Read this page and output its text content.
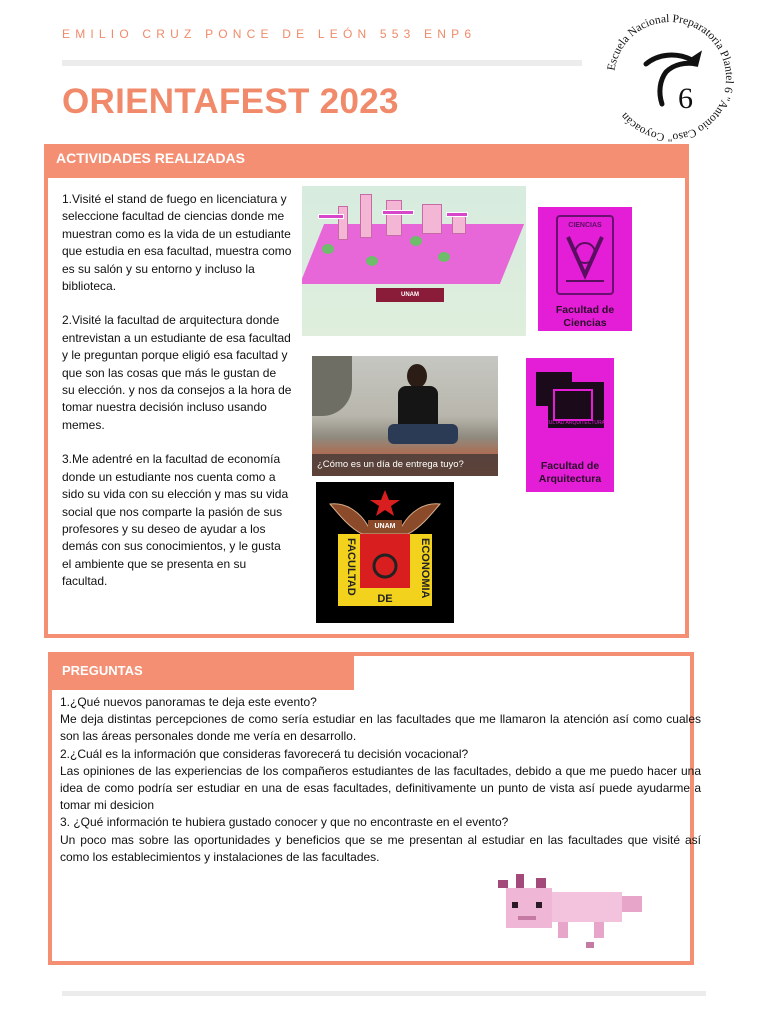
EMILIO CRUZ PONCE DE LEÓN 553 ENP6
ORIENTAFEST 2023
Escuela Nacional Preparatoria Plantel 6 "Antonio Caso" Coyoacán
6
ACTIVIDADES REALIZADAS

1.Visité el stand de fuego en licenciatura y seleccione facultad de ciencias donde me muestran como es la vida de un estudiante que estudia en esa facultad, muestra como es su salón y su entorno y incluso la biblioteca.

2.Visité la facultad de arquitectura donde entrevistan a un estudiante de esa facultad y le preguntan porque eligió esa facultad y que son las cosas que más le gustan de su elección. y nos da consejos a la hora de tomar nuestra decisión incluso usando memes.

3.Me adentré en la facultad de economía donde un estudiante nos cuenta como a sido su vida con su elección y mas su vida social que nos comparte la pasión de sus profesores y su deseo de ayudar a los demás con sus conocimientos, y le gusta el ambiente que se presenta en su facultad.

UNAM
CIENCIAS
Facultad de Ciencias
¿Cómo es un día de entrega tuyo?
FACULTAD ARQUITECTURA
Facultad de Arquitectura
UNAM
FACULTAD	ECONOMIA
DE
PREGUNTAS
1.¿Qué nuevos panoramas te deja este evento?
Me deja distintas percepciones de como sería estudiar en las facultades que me llamaron la atención así como cuales son las áreas personales donde me vería en desarrollo.
2.¿Cuál es la información que consideras favorecerá tu decisión vocacional?
Las opiniones de las experiencias de los compañeros estudiantes de las facultades, debido a que me puedo hacer una idea de como podría ser estudiar en una de esas facultades, definitivamente un punto de vista así puede ayudarme a tomar mi desicion
3. ¿Qué información te hubiera gustado conocer y que no encontraste en el evento?
Un poco mas sobre las oportunidades y beneficios que se me presentan al estudiar en las facultades que visité así como los establecimientos y instalaciones de las facultades.
